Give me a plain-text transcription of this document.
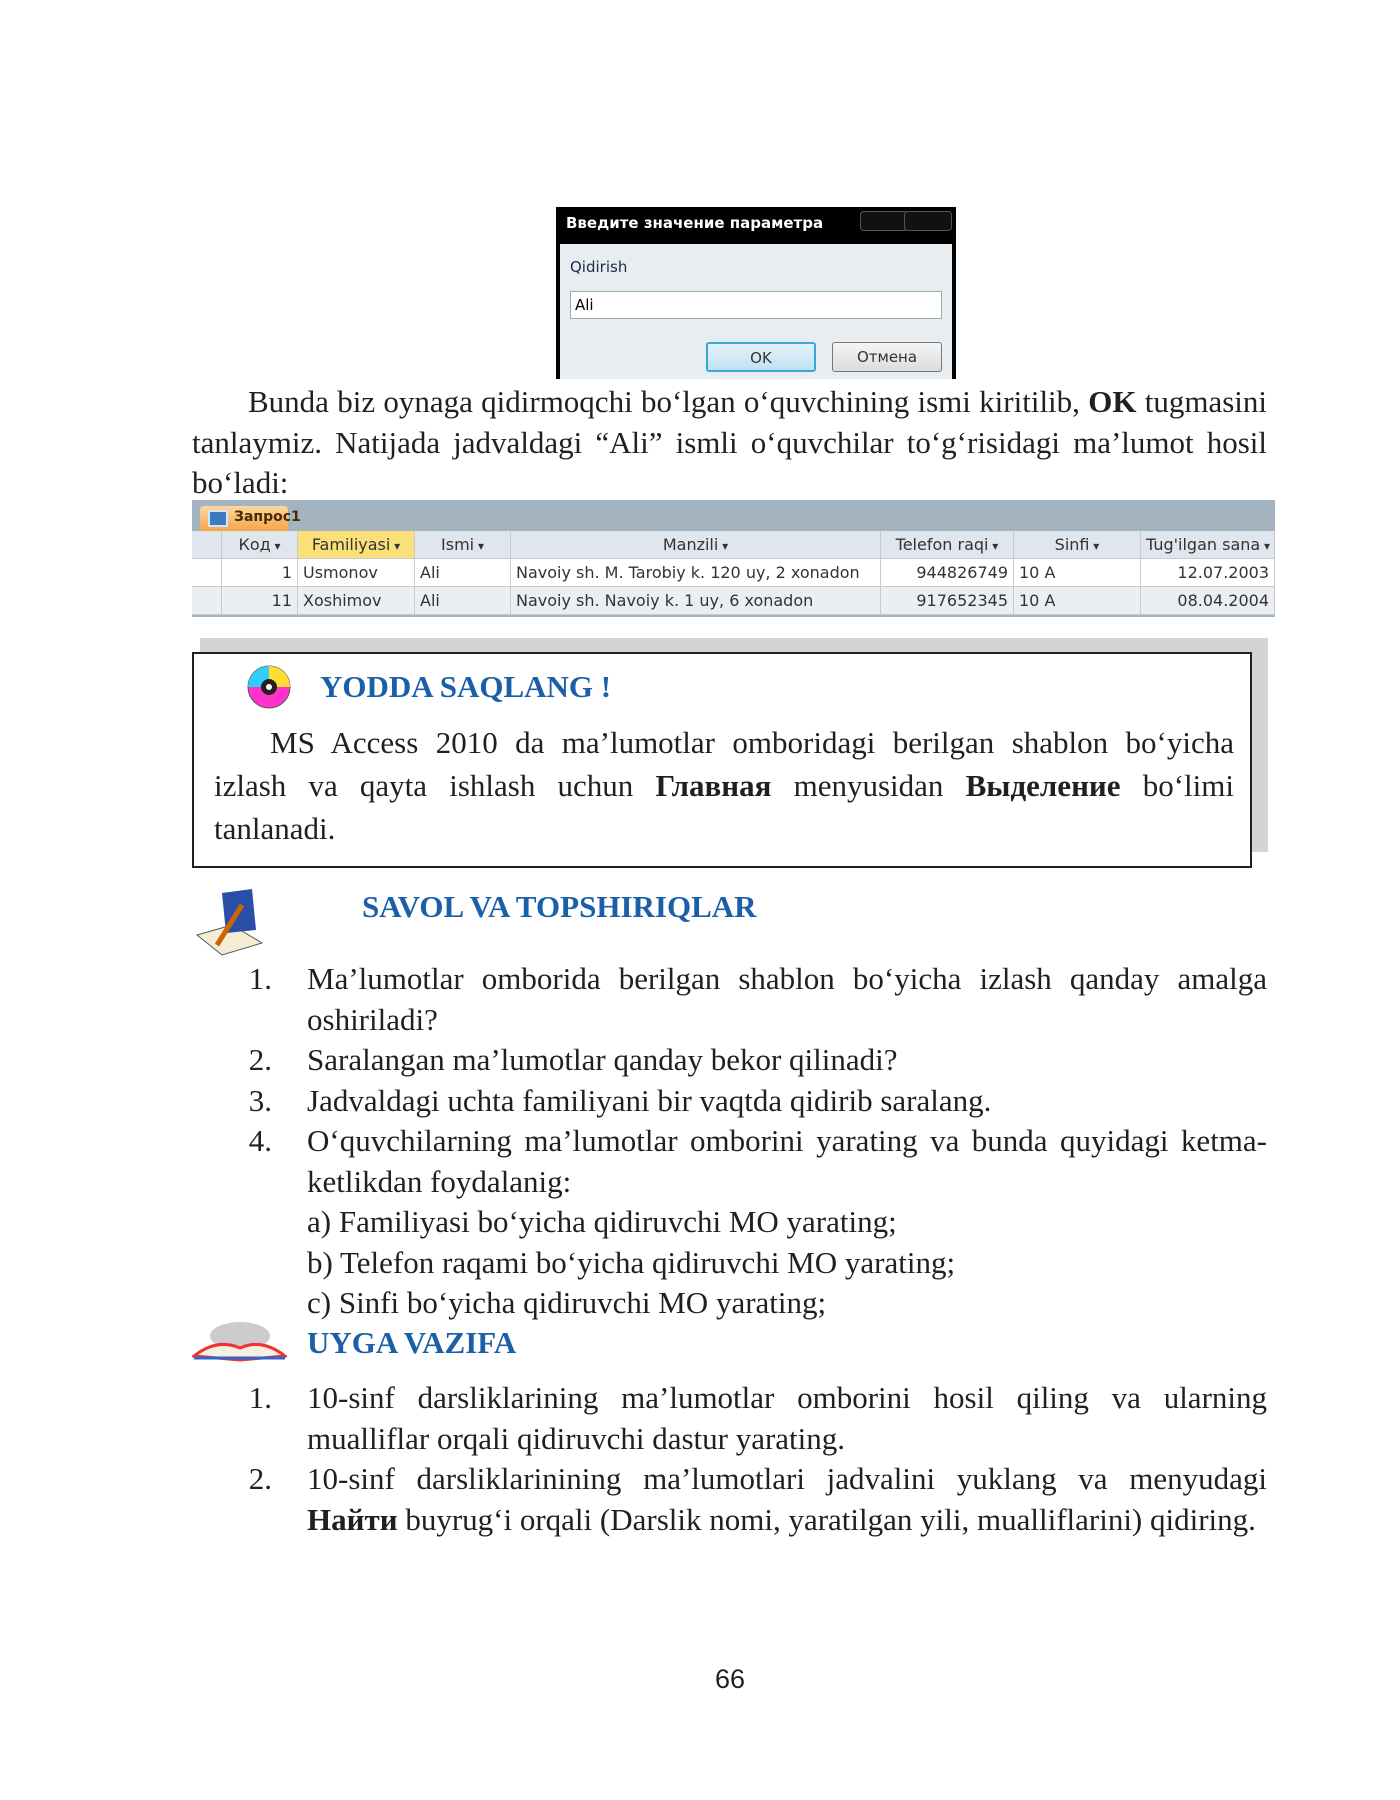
Введите значение параметра
Qidirish
Ali
OK	Отмена

Bunda biz oynaga qidirmoqchi bo‘lgan o‘quvchining ismi kiritilib, OK tugmasini tanlaymiz. Natijada jadvaldagi “Ali” ismli o‘quvchilar to‘g‘risidagi ma’lumot hosil bo‘ladi:

Запрос1
Код ▾	Familiyasi ▾	Ismi ▾	Manzili ▾	Telefon raqi ▾	Sinfi ▾	Tug'ilgan sana ▾
1 Usmonov	Ali	Navoiy sh. M. Tarobiy k. 120 uy, 2 xonadon	944826749 10 A	12.07.2003
11 Xoshimov	Ali	Navoiy sh. Navoiy k. 1 uy, 6 xonadon	917652345 10 A	08.04.2004
YODDA SAQLANG !

MS Access 2010 da ma’lumotlar omboridagi berilgan shablon bo‘yicha izlash va qayta ishlash uchun Главная menyusidan Выделение bo‘limi tanlanadi.

SAVOL VA TOPSHIRIQLAR
1. Ma’lumotlar omborida berilgan shablon bo‘yicha izlash qanday amalga oshiriladi?

2. Saralangan ma’lumotlar qanday bekor qilinadi?

3. Jadvaldagi uchta familiyani bir vaqtda qidirib saralang.

4. O‘quvchilarning ma’lumotlar omborini yarating va bunda quyidagi ketma-ketlikdan foydalanig:

a) Familiyasi bo‘yicha qidiruvchi MO yarating;

b) Telefon raqami bo‘yicha qidiruvchi MO yarating;

c) Sinfi bo‘yicha qidiruvchi MO yarating;

UYGA VAZIFA
1. 10-sinf darsliklarining ma’lumotlar omborini hosil qiling va ularning mualliflar orqali qidiruvchi dastur yarating.

2. 10-sinf darsliklarinining ma’lumotlari jadvalini yuklang va menyudagi Найти buyrug‘i orqali (Darslik nomi, yaratilgan yili, mualliflarini) qidiring.

66
